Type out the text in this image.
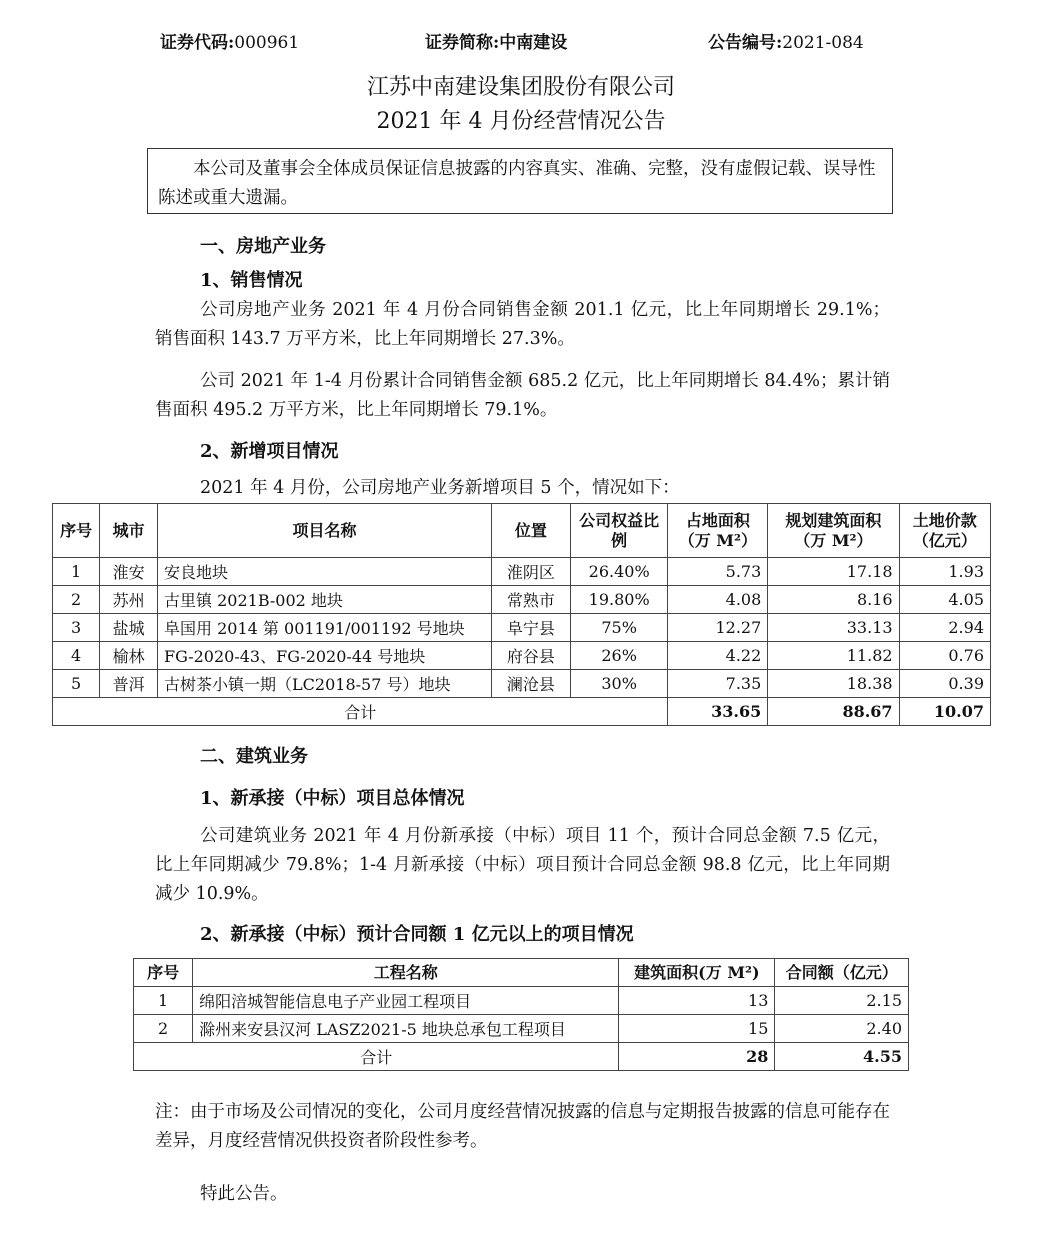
证券代码:000961	证券简称:中南建设	公告编号:2021-084
江苏中南建设集团股份有限公司
2021 年 4 月份经营情况公告
本公司及董事会全体成员保证信息披露的内容真实、准确、完整，没有虚假记载、误导性陈述或重大遗漏。
一、房地产业务
1、销售情况
公司房地产业务 2021 年 4 月份合同销售金额 201.1 亿元，比上年同期增长 29.1%；销售面积 143.7 万平方米，比上年同期增长 27.3%。
公司 2021 年 1-4 月份累计合同销售金额 685.2 亿元，比上年同期增长 84.4%；累计销售面积 495.2 万平方米，比上年同期增长 79.1%。
2、新增项目情况
2021 年 4 月份，公司房地产业务新增项目 5 个，情况如下：
序号	城市	项目名称	位置	公司权益比例	占地面积（万 M²）	规划建筑面积（万 M²）	土地价款（亿元）
1	淮安	安良地块	淮阴区	26.40%	5.73	17.18	1.93
2	苏州	古里镇 2021B-002 地块	常熟市	19.80%	4.08	8.16	4.05
3	盐城	阜国用 2014 第 001191/001192 号地块	阜宁县	75%	12.27	33.13	2.94
4	榆林	FG-2020-43、FG-2020-44 号地块	府谷县	26%	4.22	11.82	0.76
5	普洱	古树茶小镇一期（LC2018-57 号）地块	澜沧县	30%	7.35	18.38	0.39
合计					33.65	88.67	10.07
二、建筑业务
1、新承接（中标）项目总体情况
公司建筑业务 2021 年 4 月份新承接（中标）项目 11 个，预计合同总金额 7.5 亿元，比上年同期减少 79.8%；1-4 月新承接（中标）项目预计合同总金额 98.8 亿元，比上年同期减少 10.9%。
2、新承接（中标）预计合同额 1 亿元以上的项目情况
序号	工程名称	建筑面积(万 M²)	合同额（亿元）
1	绵阳涪城智能信息电子产业园工程项目	13	2.15
2	滁州来安县汉河 LASZ2021-5 地块总承包工程项目	15	2.40
合计		28	4.55
注：由于市场及公司情况的变化，公司月度经营情况披露的信息与定期报告披露的信息可能存在差异，月度经营情况供投资者阶段性参考。
特此公告。
